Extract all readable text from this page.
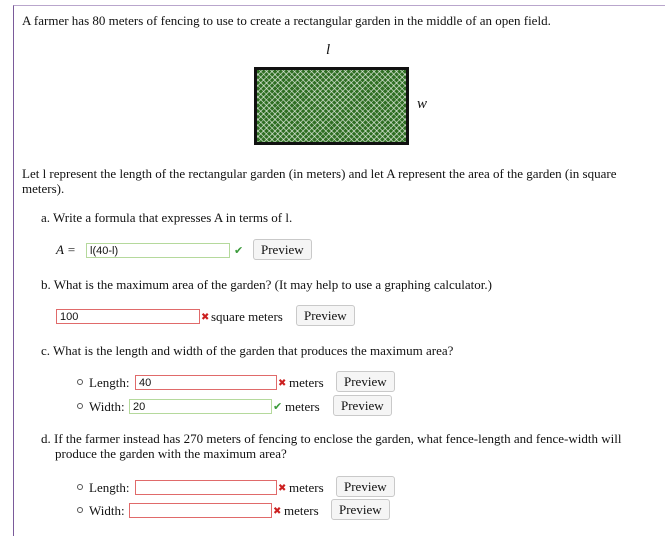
A farmer has 80 meters of fencing to use to create a rectangular garden in the middle of an open field.
l
w
Let l represent the length of the rectangular garden (in meters) and let A represent the area of the garden (in square
meters).
a. Write a formula that expresses A in terms of l.
A =	l(40-l)	✔	Preview
b. What is the maximum area of the garden? (It may help to use a graphing calculator.)
100	✖ square meters	Preview
c. What is the length and width of the garden that produces the maximum area?
Length: 40	✖ meters	Preview
Width: 20	✔ meters	Preview
d. If the farmer instead has 270 meters of fencing to enclose the garden, what fence-length and fence-width will
produce the garden with the maximum area?
Length:	✖ meters	Preview
Width:	✖ meters	Preview
